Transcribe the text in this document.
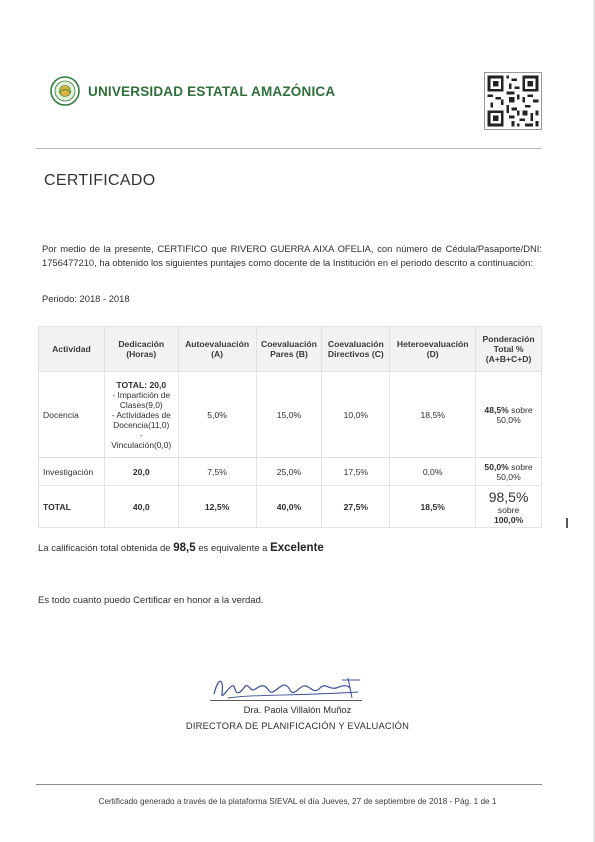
UNIVERSIDAD ESTATAL AMAZÓNICA
CERTIFICADO
Por medio de la presente, CERTIFICO que RIVERO GUERRA AIXA OFELIA, con número de Cédula/Pasaporte/DNI: 1756477210, ha obtenido los siguientes puntajes como docente de la Institución en el periodo descrito a continuación:
Periodo: 2018 - 2018
Actividad	Dedicación (Horas)	Autoevaluación (A)	Coevaluación Pares (B)	Coevaluación Directivos (C)	Heteroevaluación (D)	Ponderación Total % (A+B+C+D)
Docencia	TOTAL: 20,0
- Impartición de Clases(9,0)
- Actividades de Docencia(11,0)
-
Vinculación(0,0)	5,0%	15,0%	10,0%	18,5%	48,5% sobre
50,0%
Investigación	20,0	7,5%	25,0%	17,5%	0,0%	50,0% sobre
50,0%
TOTAL	40,0	12,5%	40,0%	27,5%	18,5%	98,5%
sobre
100,0%
La calificación total obtenida de 98,5 es equivalente a Excelente
Es todo cuanto puedo Certificar en honor a la verdad.
Dra. Paola Villalón Muñoz
DIRECTORA DE PLANIFICACIÓN Y EVALUACIÓN
Certificado generado a través de la plataforma SIEVAL el día Jueves, 27 de septiembre de 2018 - Pág. 1 de 1
